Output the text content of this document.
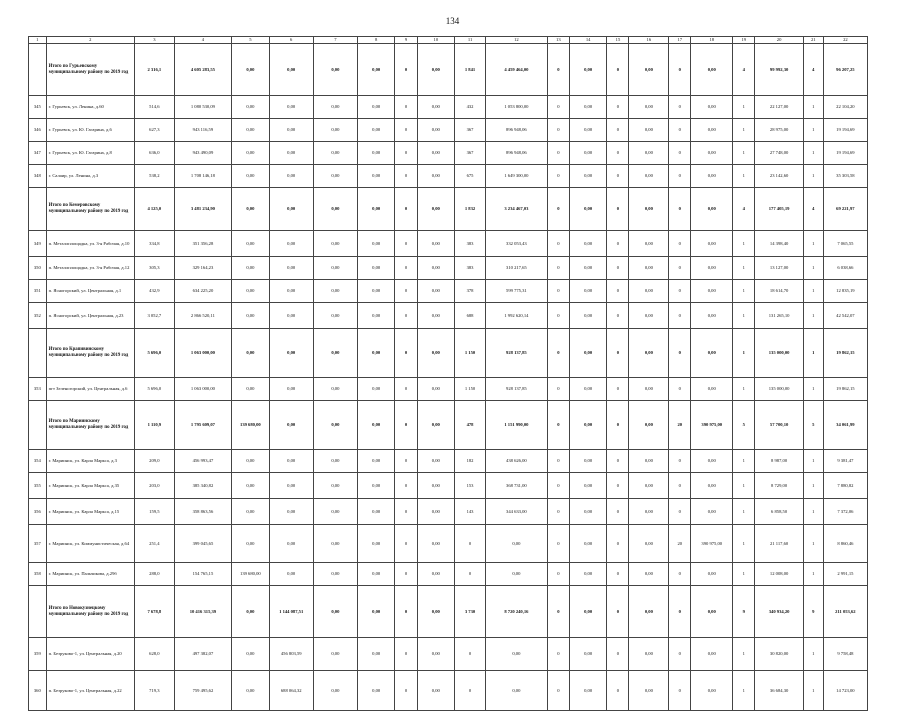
134
1	2	3	4	5	6	7	8	9	10	11	12	13	14	15	16	17	18	19	20	21	22
	Итого по Гурьевскому муниципальному району по 2019 год	2 316,1	4 605 283,55	0,00	0,00	0,00	0,00	0	0,00	1 841	4 459 464,00	0	0,00	0	0,00	0	0,00	4	99 992,30	4	96 207,25
345	г. Гурьевск, ул. Ленина, д.60	514,6	1 080 530,09	0,00	0,00	0,00	0,00	0	0,00	432	1 053 800,00	0	0,00	0	0,00	0	0,00	1	22 127,00	1	22 104,20
346	г. Гурьевск, ул. Ю. Гагарина, д.6	627,3	943 116,59	0,00	0,00	0,00	0,00	0	0,00	367	896 948,06	0	0,00	0	0,00	0	0,00	1	28 975,00	1	19 194,69
347	г. Гурьевск, ул. Ю. Гагарина, д.8	636,0	943 490,09	0,00	0,00	0,00	0,00	0	0,00	367	896 948,06	0	0,00	0	0,00	0	0,00	1	27 748,00	1	19 194,69
348	г. Салаир, ул. Ленина, д.3	538,2	1 708 146,18	0,00	0,00	0,00	0,00	0	0,00	675	1 649 300,00	0	0,00	0	0,00	0	0,00	1	23 142,60	1	35 303,58
	Итого по Кемеровскому муниципальному району по 2019 год	4 125,0	3 481 234,90	0,00	0,00	0,00	0,00	0	0,00	1 832	3 234 467,03	0	0,00	0	0,00	0	0,00	4	177 405,19	4	69 221,97
349	п. Металлплощадка, ул. 3-я Рабочая, д.10	334,8	351 356,28	0,00	0,00	0,00	0,00	0	0,00	383	332 053,43	0	0,00	0	0,00	0	0,00	1	14 398,40	1	7 065,55
350	п. Металлплощадка, ул. 3-я Рабочая, д.12	305,3	329 164,23	0,00	0,00	0,00	0,00	0	0,00	383	310 217,65	0	0,00	0	0,00	0	0,00	1	13 127,00	1	6 038,66
351	п. Ясногорский, ул. Центральная, д.1	432,9	634 225,20	0,00	0,00	0,00	0,00	0	0,00	378	599 775,31	0	0,00	0	0,00	0	0,00	1	18 614,70	1	12 835,19
352	п. Ясногорский, ул. Центральная, д.23	3 052,7	2 866 520,11	0,00	0,00	0,00	0,00	0	0,00	688	1 992 620,14	0	0,00	0	0,00	0	0,00	1	131 265,10	1	42 542,07
	Итого по Крапивинскому муниципальному району по 2019 год	5 696,0	1 063 000,00	0,00	0,00	0,00	0,00	0	0,00	1 150	928 137,85	0	0,00	0	0,00	0	0,00	1	135 000,00	1	19 862,15
353	пгт Зеленогорский, ул. Центральная, д.6	5 696,0	1 063 000,00	0,00	0,00	0,00	0,00	0	0,00	1 150	928 137,85	0	0,00	0	0,00	0	0,00	1	135 000,00	1	19 862,15
	Итого по Мариинскому муниципальному району по 2019 год	1 110,9	1 795 609,07	139 680,00	0,00	0,00	0,00	0	0,00	478	1 151 990,00	0	0,00	0	0,00	20	390 975,00	5	57 700,10	5	34 061,99
354	г. Мариинск, ул. Карла Маркса, д.3	209,0	456 993,47	0,00	0,00	0,00	0,00	0	0,00	182	438 626,00	0	0,00	0	0,00	0	0,00	1	8 987,00	1	9 381,47
355	г. Мариинск, ул. Карла Маркса, д.35	203,0	385 340,82	0,00	0,00	0,00	0,00	0	0,00	153	368 731,00	0	0,00	0	0,00	0	0,00	1	8 729,00	1	7 880,82
356	г. Мариинск, ул. Карла Маркса, д.15	159,5	358 863,56	0,00	0,00	0,00	0,00	0	0,00	143	344 633,00	0	0,00	0	0,00	0	0,00	1	6 858,50	1	7 372,06
357	г. Мариинск, ул. Коммунистическая, д.64	251,4	399 045,65	0,00	0,00	0,00	0,00	0	0,00	0	0,00	0	0,00	0	0,00	20	390 975,00	1	21 117,60	1	8 860,46
358	г. Мариинск, ул. Пальчикова, д.29б	288,0	154 765,15	139 680,00	0,00	0,00	0,00	0	0,00	0	0,00	0	0,00	0	0,00	0	0,00	1	12 008,00	1	2 991,15
	Итого по Новокузнецкому муниципальному району по 2019 год	7 678,8	10 416 315,39	0,00	1 144 087,51	0,00	0,00	0	0,00	3 730	8 720 240,16	0	0,00	0	0,00	0	0,00	9	340 934,20	9	211 053,62
359	п. Безруково-1, ул. Центральная, д.20	628,0	497 382,07	0,00	456 803,59	0,00	0,00	0	0,00	0	0,00	0	0,00	0	0,00	0	0,00	1	30 820,00	1	9 758,48
360	п. Безруково-1, ул. Центральная, д.22	719,3	759 495,62	0,00	688 064,32	0,00	0,00	0	0,00	0	0,00	0	0,00	0	0,00	0	0,00	1	36 684,30	1	14 723,00
